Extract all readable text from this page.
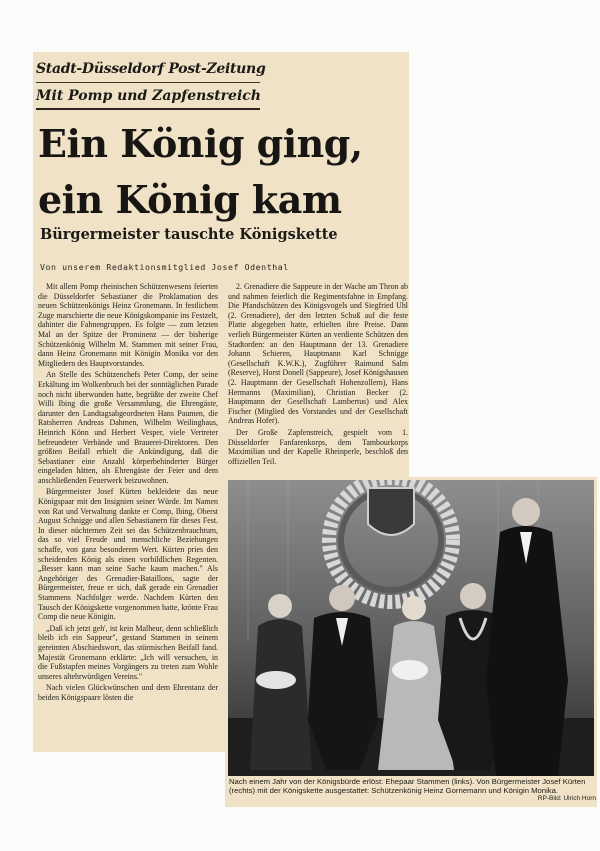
Stadt-Düsseldorf Post-Zeitung
Mit Pomp und Zapfenstreich
Ein König ging,
ein König kam
Bürgermeister tauschte Königskette
Von unserem Redaktionsmitglied Josef Odenthal

Mit allem Pomp rheinischen Schützenwesens feierten die Düsseldorfer Sebastianer die Proklamation des neuen Schützenkönigs Heinz Gronemann. In festlichem Zuge marschierte die neue Königskompanie ins Festzelt, dahinter die Fahnengruppen. Es folgte — zum letzten Mal an der Spitze der Prominenz — der bisherige Schützenkönig Wilhelm M. Stammen mit seiner Frau, dann Heinz Gronemann mit Königin Monika vor den Mitgliedern des Hauptvorstandes.

An Stelle des Schützenchefs Peter Comp, der seine Erkältung im Wolkenbruch bei der sonntäglichen Parade noch nicht überwunden hatte, begrüßte der zweite Chef Willi Ibing die große Versammlung, die Ehrengäste, darunter den Landtagsabgeordneten Hans Paumen, die Ratsherren Andreas Dahmen, Wilhelm Weilinghaus, Heinrich Könn und Herbert Vesper, viele Vertreter befreundeter Verbände und Brauerei-Direktoren. Den größten Beifall erhielt die Ankündigung, daß die Sebastianer eine Anzahl körperbehinderter Bürger eingeladen hätten, als Ehrengäste der Feier und dem anschließenden Feuerwerk beizuwohnen.

Bürgermeister Josef Kürten bekleidete das neue Königspaar mit den Insignien seiner Würde. Im Namen von Rat und Verwaltung dankte er Comp, Ibing, Oberst August Schnigge und allen Sebastianern für dieses Fest. In dieser nüchternen Zeit sei das Schützenbrauchtum, das so viel Freude und menschliche Beziehungen schaffe, von ganz besonderem Wert. Kürten pries den scheidenden König als einen vorbildlichen Regenten. „Besser kann man seine Sache kaum machen." Als Angehöriger des Grenadier-Bataillons, sagte der Bürgermeister, freue er sich, daß gerade ein Grenadier Stammens Nachfolger werde. Nachdem Kürten den Tausch der Königskette vorgenommen hatte, krönte Frau Comp die neue Königin.

„Daß ich jetzt geh', ist kein Malheur, denn schließlich bleib ich ein Sappeur", gestand Stammen in seinem gereimten Abschiedswort, das stürmischen Beifall fand. Majestät Gronemann erklärte: „Ich will versuchen, in die Fußstapfen meines Vorgängers zu treten zum Wohle unseres altehrwürdigen Vereins."

Nach vielen Glückwünschen und dem Ehrentanz der beiden Königspaare lösten die

2. Grenadiere die Sappeure in der Wache am Thron ab und nahmen feierlich die Regimentsfahne in Empfang. Die Pfandschützen des Königsvogels und Siegfried Uhl (2. Grenadiere), der den letzten Schuß auf die feste Platte abgegeben hatte, erhielten ihre Preise. Dann verlieh Bürgermeister Kürten an verdiente Schützen den Stadtorden: an den Hauptmann der 13. Grenadiere Johann Schieren, Hauptmann Karl Schnigge (Gesellschaft K.W.K.), Zugführer Raimund Salm (Reserve), Horst Donell (Sappeure), Josef Königshausen (2. Hauptmann der Gesellschaft Hohenzollern), Hans Hermanns (Maximilian), Christian Becker (2. Hauptmann der Gesellschaft Lambertus) und Alex Fischer (Mitglied des Vorstandes und der Gesellschaft Andreas Hofer).

Der Große Zapfenstreich, gespielt vom 1. Düsseldorfer Fanfarenkorps, dem Tambourkorps Maximilian und der Kapelle Rheinperle, beschloß den offiziellen Teil.

Nach einem Jahr von der Königsbürde erlöst: Ehepaar Stammen (links). Von Bürgermeister Josef Kürten (rechts) mit der Königskette ausgestattet: Schützenkönig Heinz Gornemann und Königin Monika.
RP-Bild: Ulrich Horn
